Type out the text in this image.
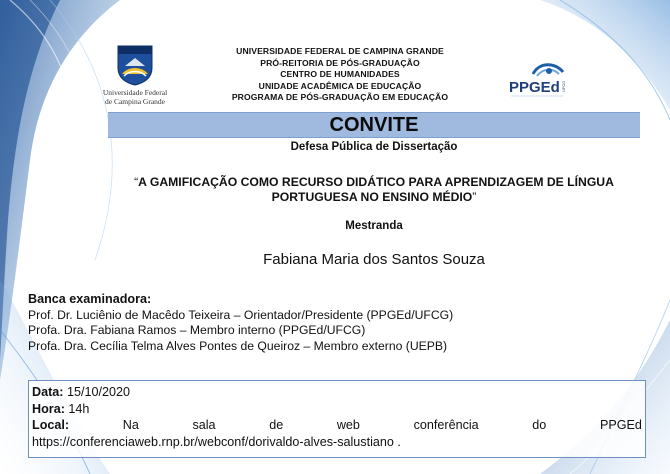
Universidade Federal
de Campina Grande
UNIVERSIDADE FEDERAL DE CAMPINA GRANDE
PRÓ-REITORIA DE PÓS-GRADUAÇÃO
CENTRO DE HUMANIDADES
UNIDADE ACADÊMICA DE EDUCAÇÃO
PROGRAMA DE PÓS-GRADUAÇÃO EM EDUCAÇÃO
PPGEd UFCG
CONVITE
Defesa Pública de Dissertação
“A GAMIFICAÇÃO COMO RECURSO DIDÁTICO PARA APRENDIZAGEM DE LÍNGUA
PORTUGUESA NO ENSINO MÉDIO”
Mestranda
Fabiana Maria dos Santos Souza
Banca examinadora:
Prof. Dr. Luciênio de Macêdo Teixeira – Orientador/Presidente (PPGEd/UFCG)
Profa. Dra. Fabiana Ramos – Membro interno (PPGEd/UFCG)
Profa. Dra. Cecília Telma Alves Pontes de Queiroz – Membro externo (UEPB)
Data: 15/10/2020
Hora: 14h
Local:	Na	sala	de	web	conferência	do	PPGEd
https://conferenciaweb.rnp.br/webconf/dorivaldo-alves-salustiano .
